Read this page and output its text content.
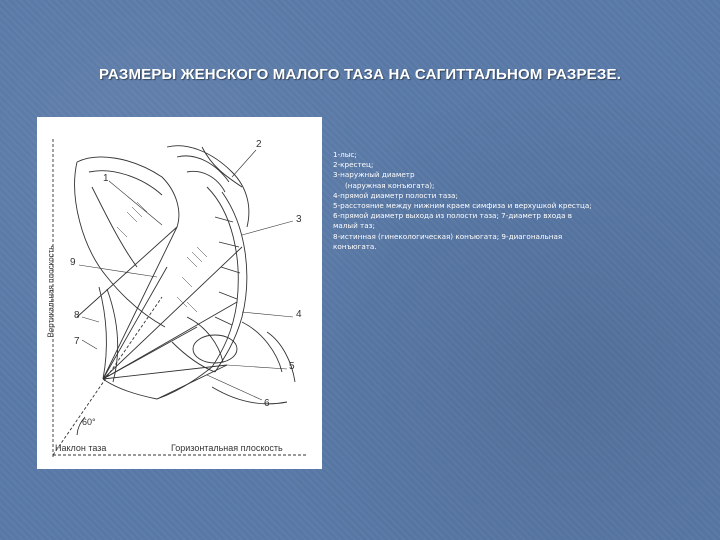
РАЗМЕРЫ ЖЕНСКОГО МАЛОГО ТАЗА НА САГИТТАЛЬНОМ РАЗРЕЗЕ.
Вертикальная плоскость
Наклон таза	Горизонтальная плоскость
60°
1
2
3
4
5
6
7
8
9
1-лыс;
2-крестец;
3-наружный диаметр
(наружная конъюгата);
4-прямой диаметр полости таза;
5-расстояние между нижним краем симфиза и верхушкой крестца;
6-прямой диаметр выхода из полости таза; 7-диаметр входа в
малый таз;
8-истинная (гинекологическая) конъюгата; 9-диагональная
конъюгата.
